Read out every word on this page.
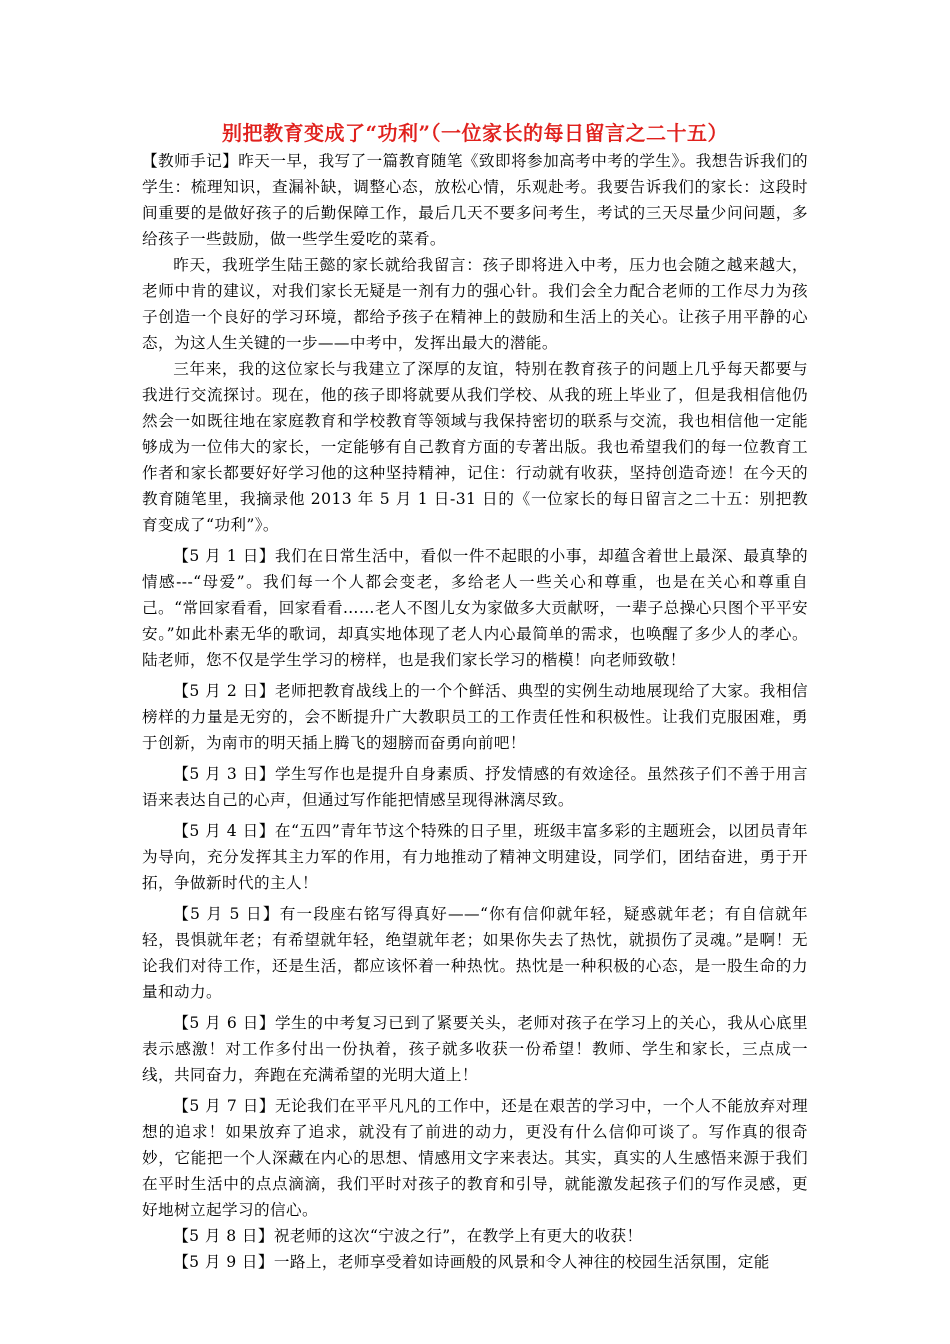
别把教育变成了“功利”（一位家长的每日留言之二十五）

【教师手记】昨天一早，我写了一篇教育随笔《致即将参加高考中考的学生》。我想告诉我们的学生：梳理知识，查漏补缺，调整心态，放松心情，乐观赴考。我要告诉我们的家长：这段时间重要的是做好孩子的后勤保障工作，最后几天不要多问考生，考试的三天尽量少问问题，多给孩子一些鼓励，做一些学生爱吃的菜肴。

昨天，我班学生陆王懿的家长就给我留言：孩子即将进入中考，压力也会随之越来越大，老师中肯的建议，对我们家长无疑是一剂有力的强心针。我们会全力配合老师的工作尽力为孩子创造一个良好的学习环境，都给予孩子在精神上的鼓励和生活上的关心。让孩子用平静的心态，为这人生关键的一步——中考中，发挥出最大的潜能。

三年来，我的这位家长与我建立了深厚的友谊，特别在教育孩子的问题上几乎每天都要与我进行交流探讨。现在，他的孩子即将就要从我们学校、从我的班上毕业了，但是我相信他仍然会一如既往地在家庭教育和学校教育等领域与我保持密切的联系与交流，我也相信他一定能够成为一位伟大的家长，一定能够有自己教育方面的专著出版。我也希望我们的每一位教育工作者和家长都要好好学习他的这种坚持精神，记住：行动就有收获，坚持创造奇迹！在今天的教育随笔里，我摘录他 2013 年 5 月 1 日-31 日的《一位家长的每日留言之二十五：别把教育变成了“功利”》。

【5 月 1 日】我们在日常生活中，看似一件不起眼的小事，却蕴含着世上最深、最真挚的情感---“母爱”。我们每一个人都会变老，多给老人一些关心和尊重，也是在关心和尊重自己。“常回家看看，回家看看……老人不图儿女为家做多大贡献呀，一辈子总操心只图个平平安安。”如此朴素无华的歌词，却真实地体现了老人内心最简单的需求，也唤醒了多少人的孝心。陆老师，您不仅是学生学习的榜样，也是我们家长学习的楷模！向老师致敬！

【5 月 2 日】老师把教育战线上的一个个鲜活、典型的实例生动地展现给了大家。我相信榜样的力量是无穷的，会不断提升广大教职员工的工作责任性和积极性。让我们克服困难，勇于创新，为南市的明天插上腾飞的翅膀而奋勇向前吧！

【5 月 3 日】学生写作也是提升自身素质、抒发情感的有效途径。虽然孩子们不善于用言语来表达自己的心声，但通过写作能把情感呈现得淋漓尽致。

【5 月 4 日】在“五四”青年节这个特殊的日子里，班级丰富多彩的主题班会，以团员青年为导向，充分发挥其主力军的作用，有力地推动了精神文明建设，同学们，团结奋进，勇于开拓，争做新时代的主人！

【5 月 5 日】有一段座右铭写得真好——“你有信仰就年轻，疑惑就年老；有自信就年轻，畏惧就年老；有希望就年轻，绝望就年老；如果你失去了热忱，就损伤了灵魂。”是啊！无论我们对待工作，还是生活，都应该怀着一种热忱。热忱是一种积极的心态，是一股生命的力量和动力。

【5 月 6 日】学生的中考复习已到了紧要关头，老师对孩子在学习上的关心，我从心底里表示感激！对工作多付出一份执着，孩子就多收获一份希望！教师、学生和家长，三点成一线，共同奋力，奔跑在充满希望的光明大道上！

【5 月 7 日】无论我们在平平凡凡的工作中，还是在艰苦的学习中，一个人不能放弃对理想的追求！如果放弃了追求，就没有了前进的动力，更没有什么信仰可谈了。写作真的很奇妙，它能把一个人深藏在内心的思想、情感用文字来表达。其实，真实的人生感悟来源于我们在平时生活中的点点滴滴，我们平时对孩子的教育和引导，就能激发起孩子们的写作灵感，更好地树立起学习的信心。

【5 月 8 日】祝老师的这次“宁波之行”，在教学上有更大的收获！

【5 月 9 日】一路上，老师享受着如诗画般的风景和令人神往的校园生活氛围，定能
